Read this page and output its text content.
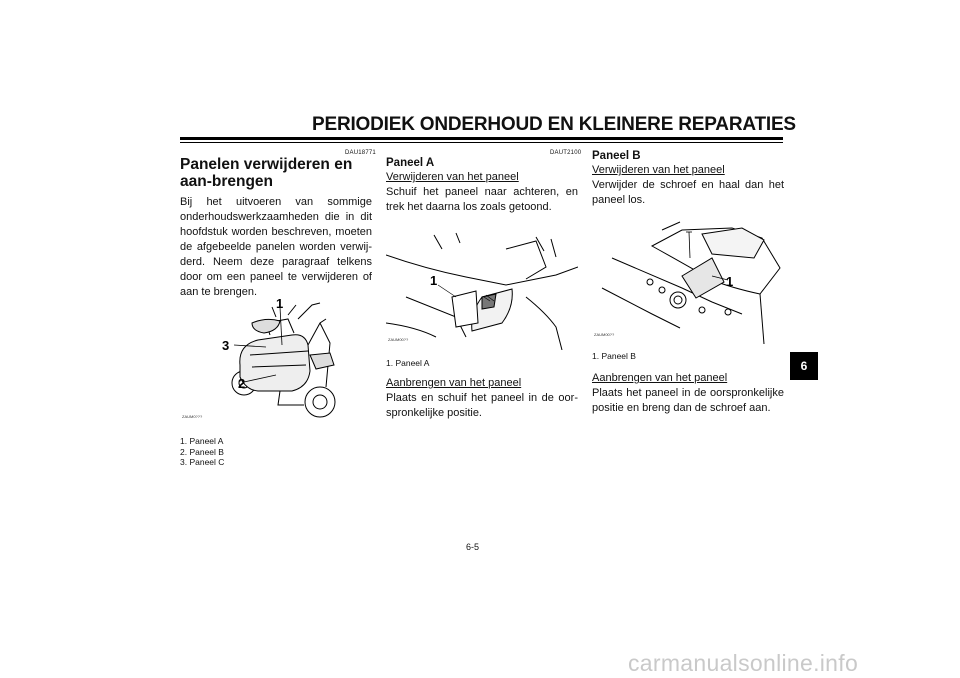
PERIODIEK ONDERHOUD EN KLEINERE REPARATIES
DAU18771
Panelen verwijderen en aan-brengen
Bij het uitvoeren van sommige onderhoudswerkzaamheden die in dit hoofdstuk worden beschreven, moeten de afgebeelde panelen worden verwij-derd. Neem deze paragraaf telkens door om een paneel te verwijderen of aan te brengen.
1
3
2
ZAUM0???
1. Paneel A
2. Paneel B
3. Paneel C
DAUT2100
Paneel A
Verwijderen van het paneel
Schuif het paneel naar achteren, en trek het daarna los zoals getoond.
1
ZAUM00??
1. Paneel A
Aanbrengen van het paneel
Plaats en schuif het paneel in de oor-spronkelijke positie.
Paneel B
Verwijderen van het paneel
Verwijder de schroef en haal dan het paneel los.
1
ZAUM00??
1. Paneel B
Aanbrengen van het paneel
Plaats het paneel in de oorspronkelijke positie en breng dan de schroef aan.
6
6-5
carmanualsonline.info
